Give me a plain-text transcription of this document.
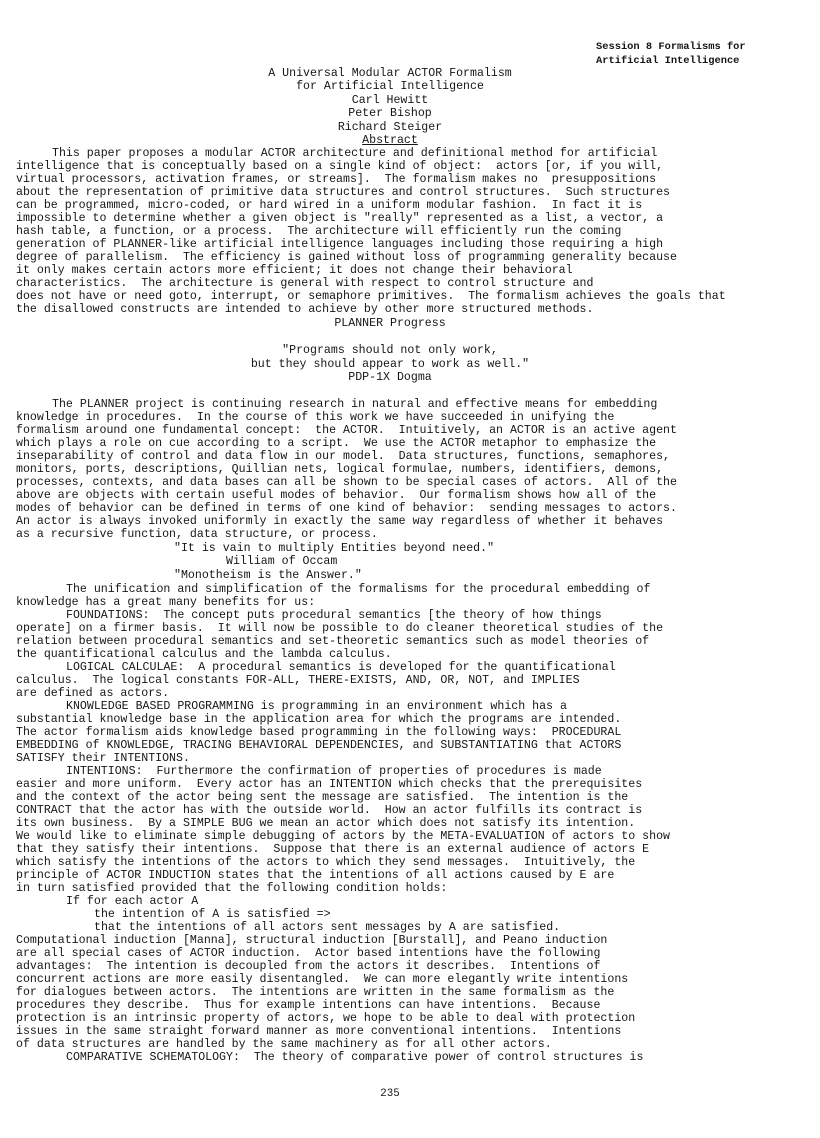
Session 8 Formalisms for
Artificial Intelligence
A Universal Modular ACTOR Formalism
for Artificial Intelligence
Carl Hewitt
Peter Bishop
Richard Steiger
Abstract
This paper proposes a modular ACTOR architecture and definitional method for artificial
intelligence that is conceptually based on a single kind of object:  actors [or, if you will,
virtual processors, activation frames, or streams].  The formalism makes no  presuppositions
about the representation of primitive data structures and control structures.  Such structures
can be programmed, micro-coded, or hard wired in a uniform modular fashion.  In fact it is
impossible to determine whether a given object is "really" represented as a list, a vector, a
hash table, a function, or a process.  The architecture will efficiently run the coming
generation of PLANNER-like artificial intelligence languages including those requiring a high
degree of parallelism.  The efficiency is gained without loss of programming generality because
it only makes certain actors more efficient; it does not change their behavioral
characteristics.  The architecture is general with respect to control structure and
does not have or need goto, interrupt, or semaphore primitives.  The formalism achieves the goals that
the disallowed constructs are intended to achieve by other more structured methods.
PLANNER Progress
"Programs should not only work,
but they should appear to work as well."
PDP-1X Dogma
The PLANNER project is continuing research in natural and effective means for embedding
knowledge in procedures.  In the course of this work we have succeeded in unifying the
formalism around one fundamental concept:  the ACTOR.  Intuitively, an ACTOR is an active agent
which plays a role on cue according to a script.  We use the ACTOR metaphor to emphasize the
inseparability of control and data flow in our model.  Data structures, functions, semaphores,
monitors, ports, descriptions, Quillian nets, logical formulae, numbers, identifiers, demons,
processes, contexts, and data bases can all be shown to be special cases of actors.  All of the
above are objects with certain useful modes of behavior.  Our formalism shows how all of the
modes of behavior can be defined in terms of one kind of behavior:  sending messages to actors.
An actor is always invoked uniformly in exactly the same way regardless of whether it behaves
as a recursive function, data structure, or process.
"It is vain to multiply Entities beyond need."
William of Occam
"Monotheism is the Answer."
The unification and simplification of the formalisms for the procedural embedding of
knowledge has a great many benefits for us:
FOUNDATIONS:  The concept puts procedural semantics [the theory of how things
operate] on a firmer basis.  It will now be possible to do cleaner theoretical studies of the
relation between procedural semantics and set-theoretic semantics such as model theories of
the quantificational calculus and the lambda calculus.
LOGICAL CALCULAE:  A procedural semantics is developed for the quantificational
calculus.  The logical constants FOR-ALL, THERE-EXISTS, AND, OR, NOT, and IMPLIES
are defined as actors.
KNOWLEDGE BASED PROGRAMMING is programming in an environment which has a
substantial knowledge base in the application area for which the programs are intended.
The actor formalism aids knowledge based programming in the following ways:  PROCEDURAL
EMBEDDING of KNOWLEDGE, TRACING BEHAVIORAL DEPENDENCIES, and SUBSTANTIATING that ACTORS
SATISFY their INTENTIONS.
INTENTIONS:  Furthermore the confirmation of properties of procedures is made
easier and more uniform.  Every actor has an INTENTION which checks that the prerequisites
and the context of the actor being sent the message are satisfied.  The intention is the
CONTRACT that the actor has with the outside world.  How an actor fulfills its contract is
its own business.  By a SIMPLE BUG we mean an actor which does not satisfy its intention.
We would like to eliminate simple debugging of actors by the META-EVALUATION of actors to show
that they satisfy their intentions.  Suppose that there is an external audience of actors E
which satisfy the intentions of the actors to which they send messages.  Intuitively, the
principle of ACTOR INDUCTION states that the intentions of all actions caused by E are
in turn satisfied provided that the following condition holds:
If for each actor A
the intention of A is satisfied =>
that the intentions of all actors sent messages by A are satisfied.
Computational induction [Manna], structural induction [Burstall], and Peano induction
are all special cases of ACTOR induction.  Actor based intentions have the following
advantages:  The intention is decoupled from the actors it describes.  Intentions of
concurrent actions are more easily disentangled.  We can more elegantly write intentions
for dialogues between actors.  The intentions are written in the same formalism as the
procedures they describe.  Thus for example intentions can have intentions.  Because
protection is an intrinsic property of actors, we hope to be able to deal with protection
issues in the same straight forward manner as more conventional intentions.  Intentions
of data structures are handled by the same machinery as for all other actors.
COMPARATIVE SCHEMATOLOGY:  The theory of comparative power of control structures is
235
